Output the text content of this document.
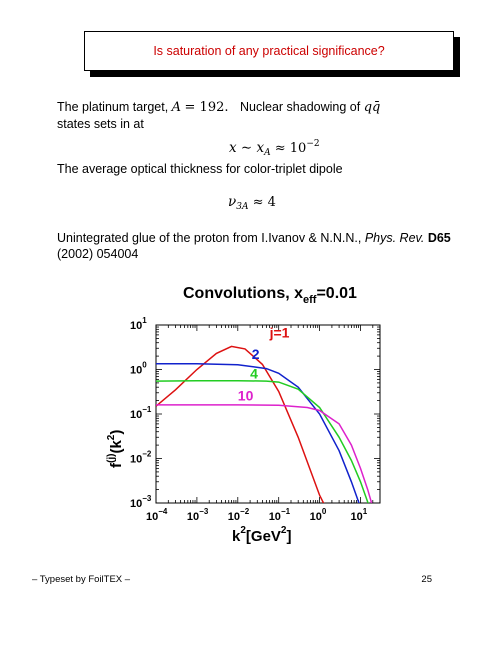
Is saturation of any practical significance?
The platinum target, A = 192. Nuclear shadowing of qq̄
states sets in at
x ∼ $x_A \approx 10^{-2}$
The average optical thickness for color-triplet dipole
$\nu_{3A} \approx 4$
Unintegrated glue of the proton from I.Ivanov & N.N.N., Phys. Rev. D65 (2002) 054004
Convolutions, $x_{eff}=0.01$
$10^{-4}$ $10^{-3}$ $10^{-2}$ $10^{-1}$ $10^0$ $10^1$
$10^1$
$10^0$
$10^{-1}$
$10^{-2}$
$10^{-3}$
j=1
2
4
10
$k^2[GeV^2]$
$f^{(j)}(k^2)$
– Typeset by FoilTEX –	25
